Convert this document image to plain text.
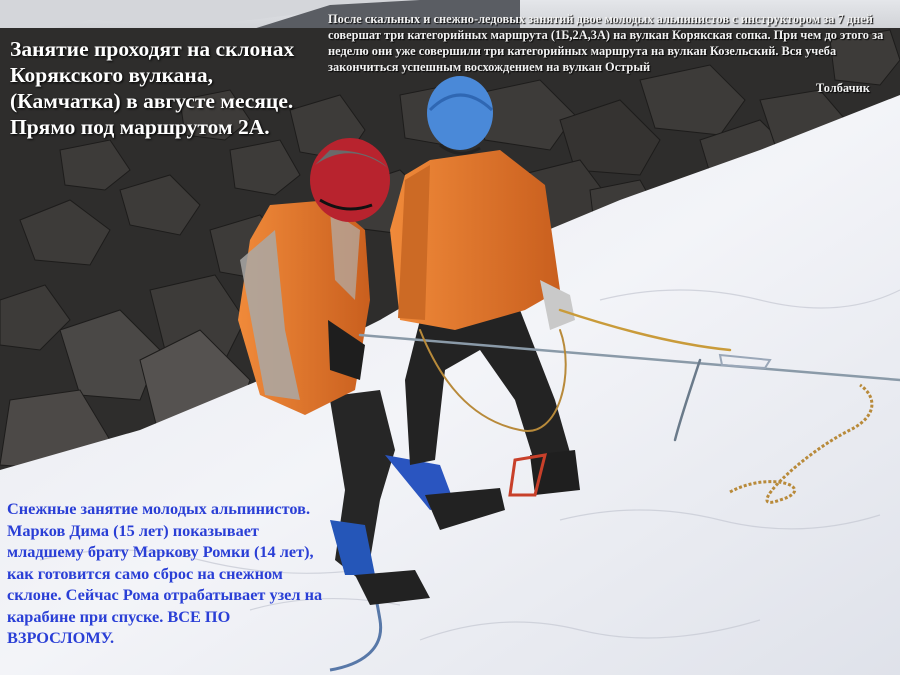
После скальных и снежно-ледовых занятий двое молодых альпинистов с инструктором за 7 дней совершат три категорийных маршрута (1Б,2А,3А) на вулкан Корякская сопка. При чем до этого за неделю они уже совершили три категорийных маршрута на вулкан Козельский. Вся учеба закончиться успешным восхождением на вулкан Острый

Толбачик

Занятие проходят на склонах Корякского вулкана, (Камчатка) в августе месяце. Прямо под маршрутом 2А.

Снежные занятие молодых альпинистов. Марков Дима (15 лет) показывает младшему брату Маркову Ромки (14 лет), как готовится само сброс на снежном склоне. Сейчас Рома отрабатывает узел на карабине при спуске. ВСЕ ПО ВЗРОСЛОМУ.
